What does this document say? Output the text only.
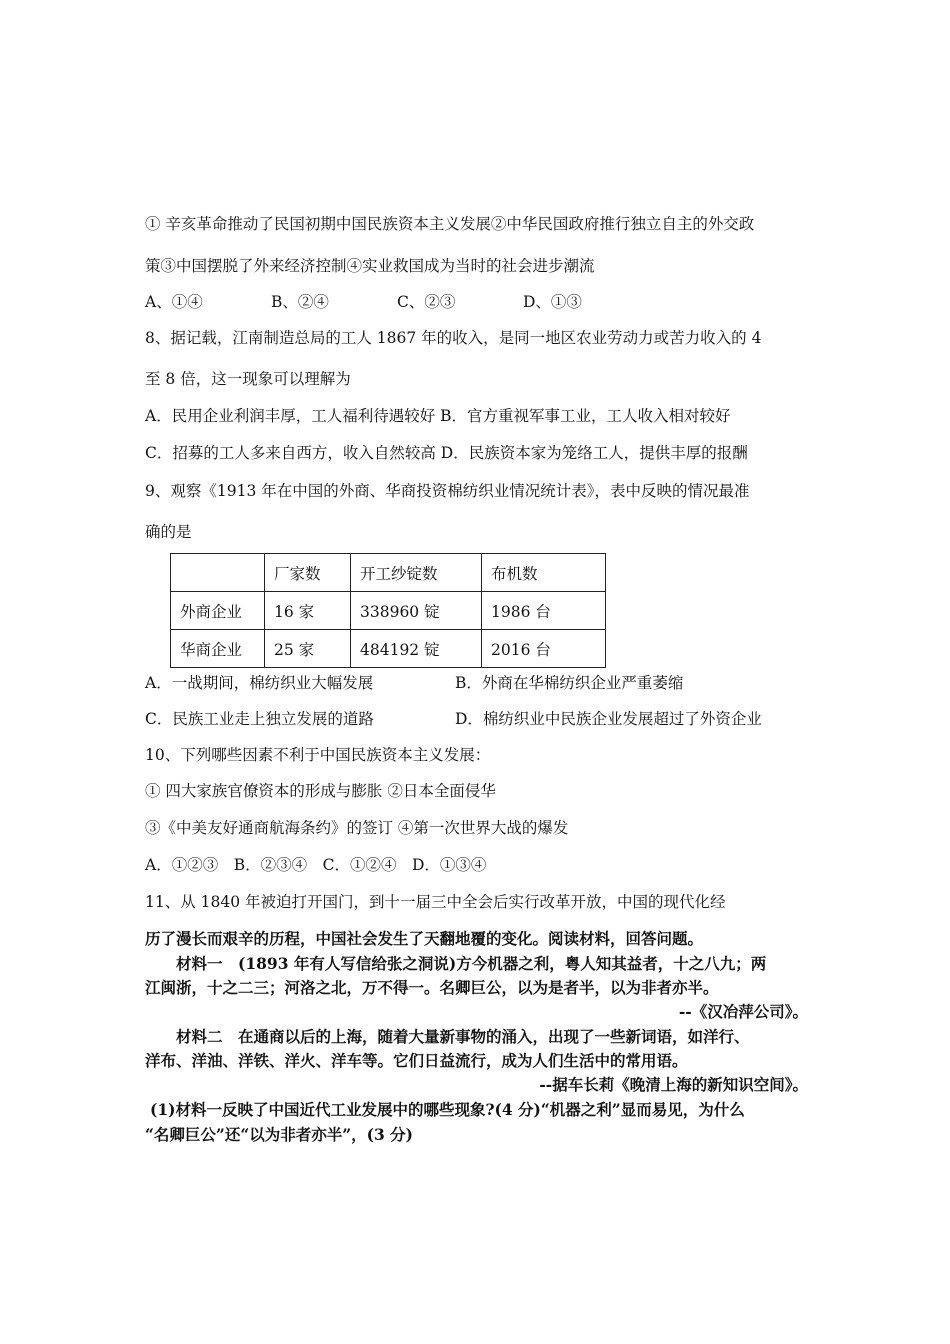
① 辛亥革命推动了民国初期中国民族资本主义发展②中华民国政府推行独立自主的外交政
策③中国摆脱了外来经济控制④实业救国成为当时的社会进步潮流
A、①④	B、②④	C、②③	D、①③
8、据记载，江南制造总局的工人 1867 年的收入，是同一地区农业劳动力或苦力收入的 4
至 8 倍，这一现象可以理解为
A．民用企业利润丰厚，工人福利待遇较好 B．官方重视军事工业，工人收入相对较好
C．招募的工人多来自西方，收入自然较高 D．民族资本家为笼络工人，提供丰厚的报酬
9、观察《1913 年在中国的外商、华商投资棉纺织业情况统计表》，表中反映的情况最准
确的是
	厂家数	开工纱锭数	布机数
外商企业	16 家	338960 锭	1986 台
华商企业	25 家	484192 锭	2016 台
A．一战期间，棉纺织业大幅发展	B．外商在华棉纺织企业严重萎缩
C．民族工业走上独立发展的道路	D．棉纺织业中民族企业发展超过了外资企业
10、下列哪些因素不利于中国民族资本主义发展：
① 四大家族官僚资本的形成与膨胀 ②日本全面侵华
③《中美友好通商航海条约》的签订 ④第一次世界大战的爆发
A．①②③　B．②③④　C．①②④　D．①③④
11、从 1840 年被迫打开国门，到十一届三中全会后实行改革开放，中国的现代化经
历了漫长而艰辛的历程，中国社会发生了天翻地覆的变化。阅读材料，回答问题。
材料一　(1893 年有人写信给张之洞说)方今机器之利，粤人知其益者，十之八九；两
江闽浙，十之二三；河洛之北，万不得一。名卿巨公，以为是者半，以为非者亦半。
--《汉冶萍公司》。
材料二　在通商以后的上海，随着大量新事物的涌入，出现了一些新词语，如洋行、
洋布、洋油、洋铁、洋火、洋车等。它们日益流行，成为人们生活中的常用语。
--据车长莉《晚清上海的新知识空间》。
(1)材料一反映了中国近代工业发展中的哪些现象?(4 分)“机器之利”显而易见，为什么
“名卿巨公”还“以为非者亦半”，(3 分)
